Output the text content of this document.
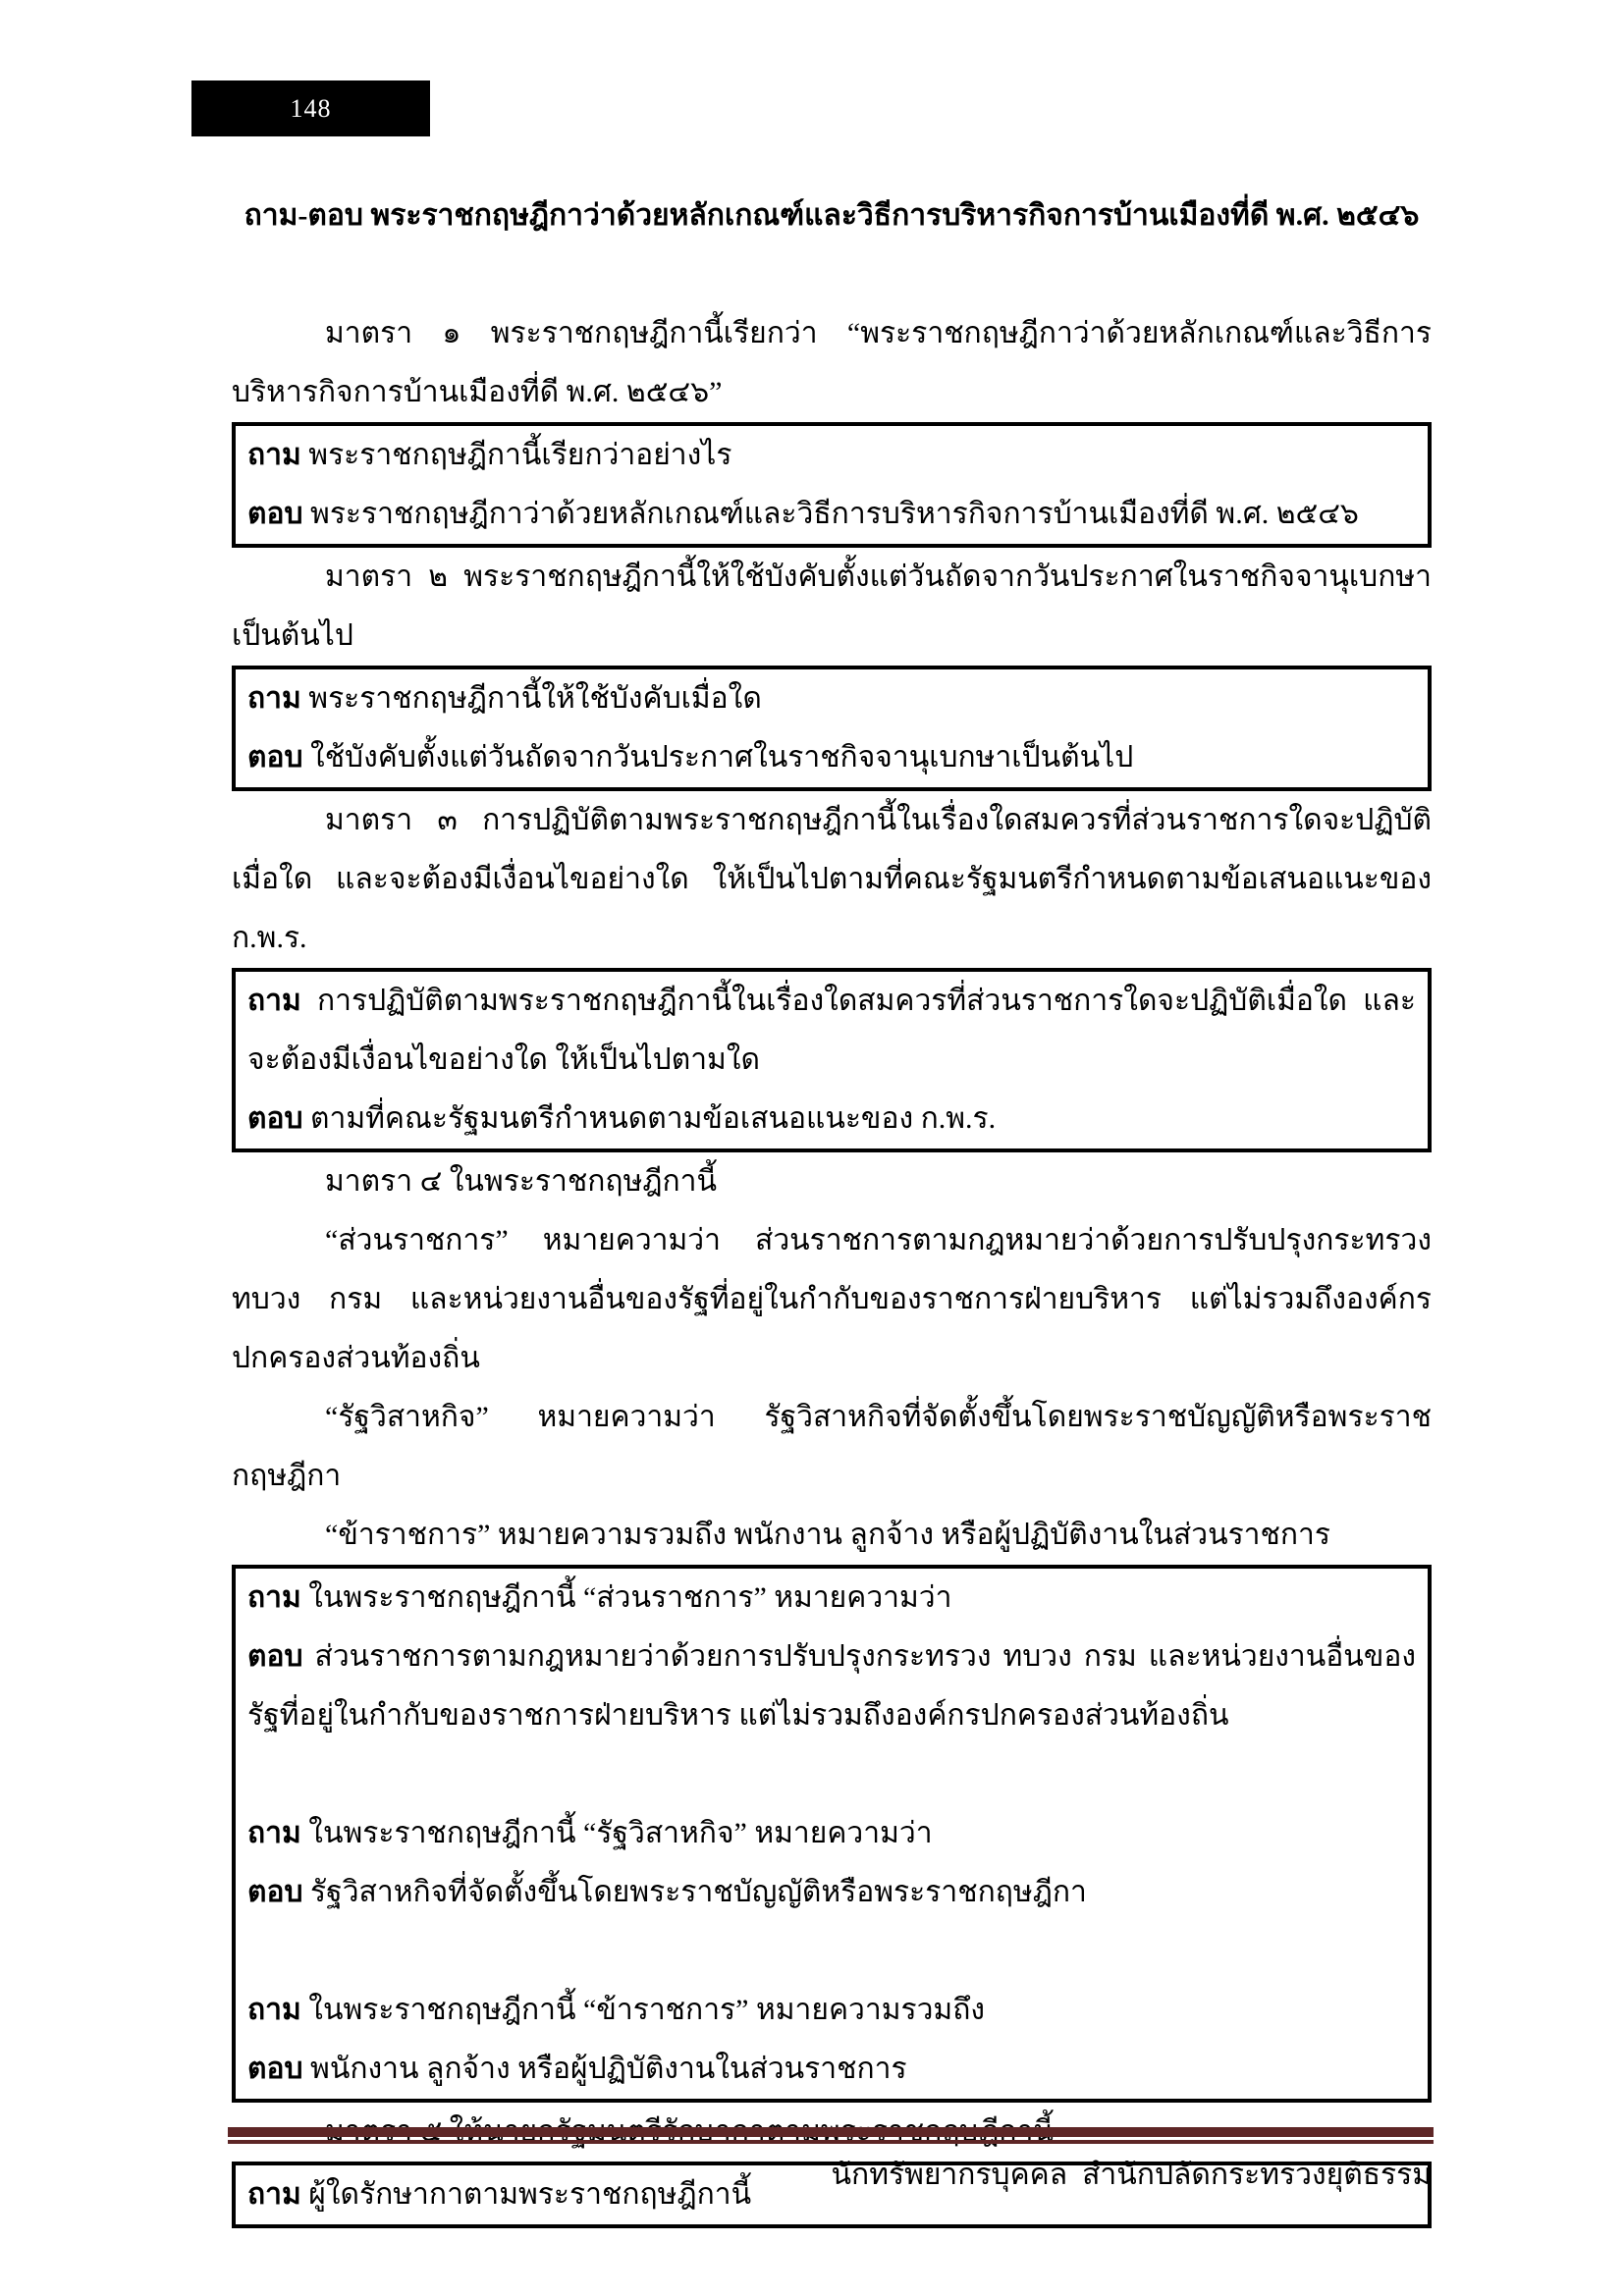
148
ถาม-ตอบ พระราชกฤษฎีกาว่าด้วยหลักเกณฑ์และวิธีการบริหารกิจการบ้านเมืองที่ดี พ.ศ. ๒๕๔๖
มาตรา ๑ พระราชกฤษฎีกานี้เรียกว่า “พระราชกฤษฎีกาว่าด้วยหลักเกณฑ์และวิธีการบริหารกิจการบ้านเมืองที่ดี พ.ศ. ๒๕๔๖”
ถาม พระราชกฤษฎีกานี้เรียกว่าอย่างไร
ตอบ พระราชกฤษฎีกาว่าด้วยหลักเกณฑ์และวิธีการบริหารกิจการบ้านเมืองที่ดี พ.ศ. ๒๕๔๖
มาตรา ๒ พระราชกฤษฎีกานี้ให้ใช้บังคับตั้งแต่วันถัดจากวันประกาศในราชกิจจานุเบกษาเป็นต้นไป
ถาม พระราชกฤษฎีกานี้ให้ใช้บังคับเมื่อใด
ตอบ ใช้บังคับตั้งแต่วันถัดจากวันประกาศในราชกิจจานุเบกษาเป็นต้นไป
มาตรา ๓ การปฏิบัติตามพระราชกฤษฎีกานี้ในเรื่องใดสมควรที่ส่วนราชการใดจะปฏิบัติเมื่อใด และจะต้องมีเงื่อนไขอย่างใด ให้เป็นไปตามที่คณะรัฐมนตรีกำหนดตามข้อเสนอแนะของ ก.พ.ร.
ถาม การปฏิบัติตามพระราชกฤษฎีกานี้ในเรื่องใดสมควรที่ส่วนราชการใดจะปฏิบัติเมื่อใด และจะต้องมีเงื่อนไขอย่างใด ให้เป็นไปตามใด
ตอบ ตามที่คณะรัฐมนตรีกำหนดตามข้อเสนอแนะของ ก.พ.ร.
มาตรา ๔ ในพระราชกฤษฎีกานี้
“ส่วนราชการ” หมายความว่า ส่วนราชการตามกฎหมายว่าด้วยการปรับปรุงกระทรวง ทบวง กรม และหน่วยงานอื่นของรัฐที่อยู่ในกำกับของราชการฝ่ายบริหาร แต่ไม่รวมถึงองค์กรปกครองส่วนท้องถิ่น
“รัฐวิสาหกิจ” หมายความว่า รัฐวิสาหกิจที่จัดตั้งขึ้นโดยพระราชบัญญัติหรือพระราชกฤษฎีกา
“ข้าราชการ” หมายความรวมถึง พนักงาน ลูกจ้าง หรือผู้ปฏิบัติงานในส่วนราชการ
ถาม ในพระราชกฤษฎีกานี้ “ส่วนราชการ” หมายความว่า
ตอบ ส่วนราชการตามกฎหมายว่าด้วยการปรับปรุงกระทรวง ทบวง กรม และหน่วยงานอื่นของรัฐที่อยู่ในกำกับของราชการฝ่ายบริหาร แต่ไม่รวมถึงองค์กรปกครองส่วนท้องถิ่น
ถาม ในพระราชกฤษฎีกานี้ “รัฐวิสาหกิจ” หมายความว่า
ตอบ รัฐวิสาหกิจที่จัดตั้งขึ้นโดยพระราชบัญญัติหรือพระราชกฤษฎีกา
ถาม ในพระราชกฤษฎีกานี้ “ข้าราชการ” หมายความรวมถึง
ตอบ พนักงาน ลูกจ้าง หรือผู้ปฏิบัติงานในส่วนราชการ
ถาม ผู้ใดรักษากาตามพระราชกฤษฎีกานี้
นักทรัพยากรบุคคล  สำนักปลัดกระทรวงยุติธรรม
